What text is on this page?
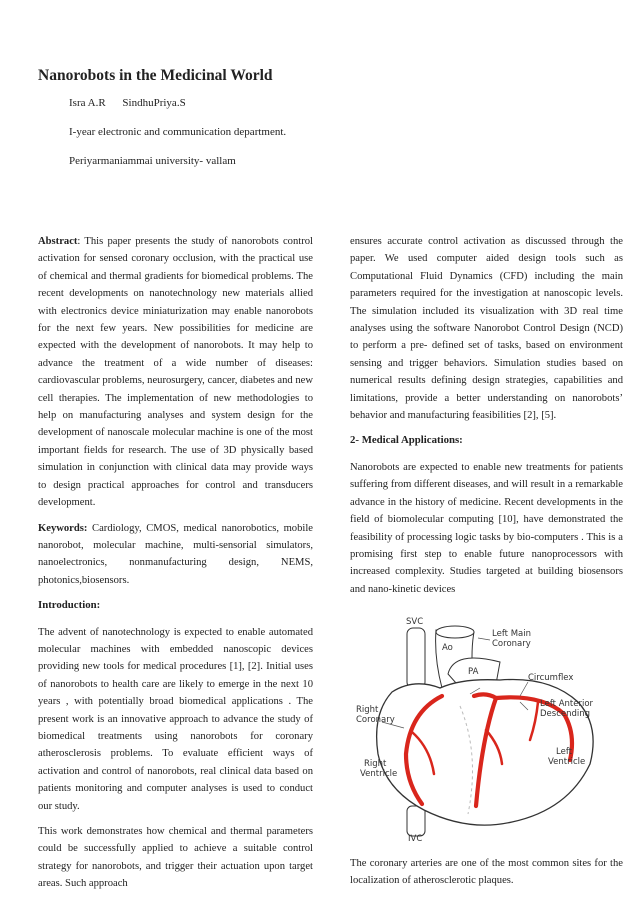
Nanorobots in the Medicinal World
Isra A.R SindhuPriya.S
I-year electronic and communication department.
Periyarmaniammai university- vallam

Abstract: This paper presents the study of nanorobots control activation for sensed coronary occlusion, with the practical use of chemical and thermal gradients for biomedical problems. The recent developments on nanotechnology new materials allied with electronics device miniaturization may enable nanorobots for the next few years. New possibilities for medicine are expected with the development of nanorobots. It may help to advance the treatment of a wide number of diseases: cardiovascular problems, neurosurgery, cancer, diabetes and new cell therapies. The implementation of new methodologies to help on manufacturing analyses and system design for the development of nanoscale molecular machine is one of the most important fields for research. The use of 3D physically based simulation in conjunction with clinical data may provide ways to design practical approaches for control and transducers development.

Keywords: Cardiology, CMOS, medical nanorobotics, mobile nanorobot, molecular machine, multi-sensorial simulators, nanoelectronics, nonmanufacturing design, NEMS, photonics,biosensors.

Introduction:

The advent of nanotechnology is expected to enable automated molecular machines with embedded nanoscopic devices providing new tools for medical procedures [1], [2]. Initial uses of nanorobots to health care are likely to emerge in the next 10 years , with potentially broad biomedical applications . The present work is an innovative approach to advance the study of biomedical treatments using nanorobots for coronary atherosclerosis problems. To evaluate efficient ways of activation and control of nanorobots, real clinical data based on patients monitoring and computer analyses is used to conduct our study.

This work demonstrates how chemical and thermal parameters could be successfully applied to achieve a suitable control strategy for nanorobots, and trigger their actuation upon target areas. Such approach

ensures accurate control activation as discussed through the paper. We used computer aided design tools such as Computational Fluid Dynamics (CFD) including the main parameters required for the investigation at nanoscopic levels. The simulation included its visualization with 3D real time analyses using the software Nanorobot Control Design (NCD) to perform a pre- defined set of tasks, based on environment sensing and trigger behaviors. Simulation studies based on numerical results defining design strategies, capabilities and limitations, provide a better understanding on nanorobots’ behavior and manufacturing feasibilities [2], [5].

2- Medical Applications:

Nanorobots are expected to enable new treatments for patients suffering from different diseases, and will result in a remarkable advance in the history of medicine. Recent developments in the field of biomolecular computing [10], have demonstrated the feasibility of processing logic tasks by bio-computers . This is a promising first step to enable future nanoprocessors with increased complexity. Studies targeted at building biosensors and nano-kinetic devices

SVC
Ao
PA
Left Main
Coronary
Circumflex
Left Anterior
Descending
Right
Coronary
Right
Ventricle
Left
Ventricle
IVC

The coronary arteries are one of the most common sites for the localization of atherosclerotic plaques.
